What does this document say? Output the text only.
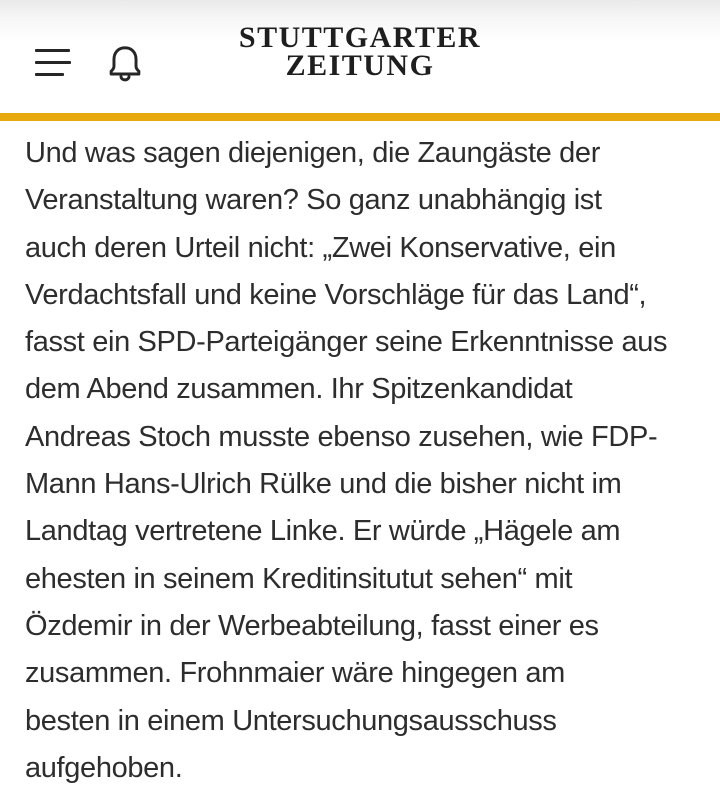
STUTTGARTER
ZEITUNG
Und was sagen diejenigen, die Zaungäste der
Veranstaltung waren? So ganz unabhängig ist
auch deren Urteil nicht: „Zwei Konservative, ein
Verdachtsfall und keine Vorschläge für das Land“,
fasst ein SPD-Parteigänger seine Erkenntnisse aus
dem Abend zusammen. Ihr Spitzenkandidat
Andreas Stoch musste ebenso zusehen, wie FDP-
Mann Hans-Ulrich Rülke und die bisher nicht im
Landtag vertretene Linke. Er würde „Hägele am
ehesten in seinem Kreditinsitutut sehen“ mit
Özdemir in der Werbeabteilung, fasst einer es
zusammen. Frohnmaier wäre hingegen am
besten in einem Untersuchungsausschuss
aufgehoben.
